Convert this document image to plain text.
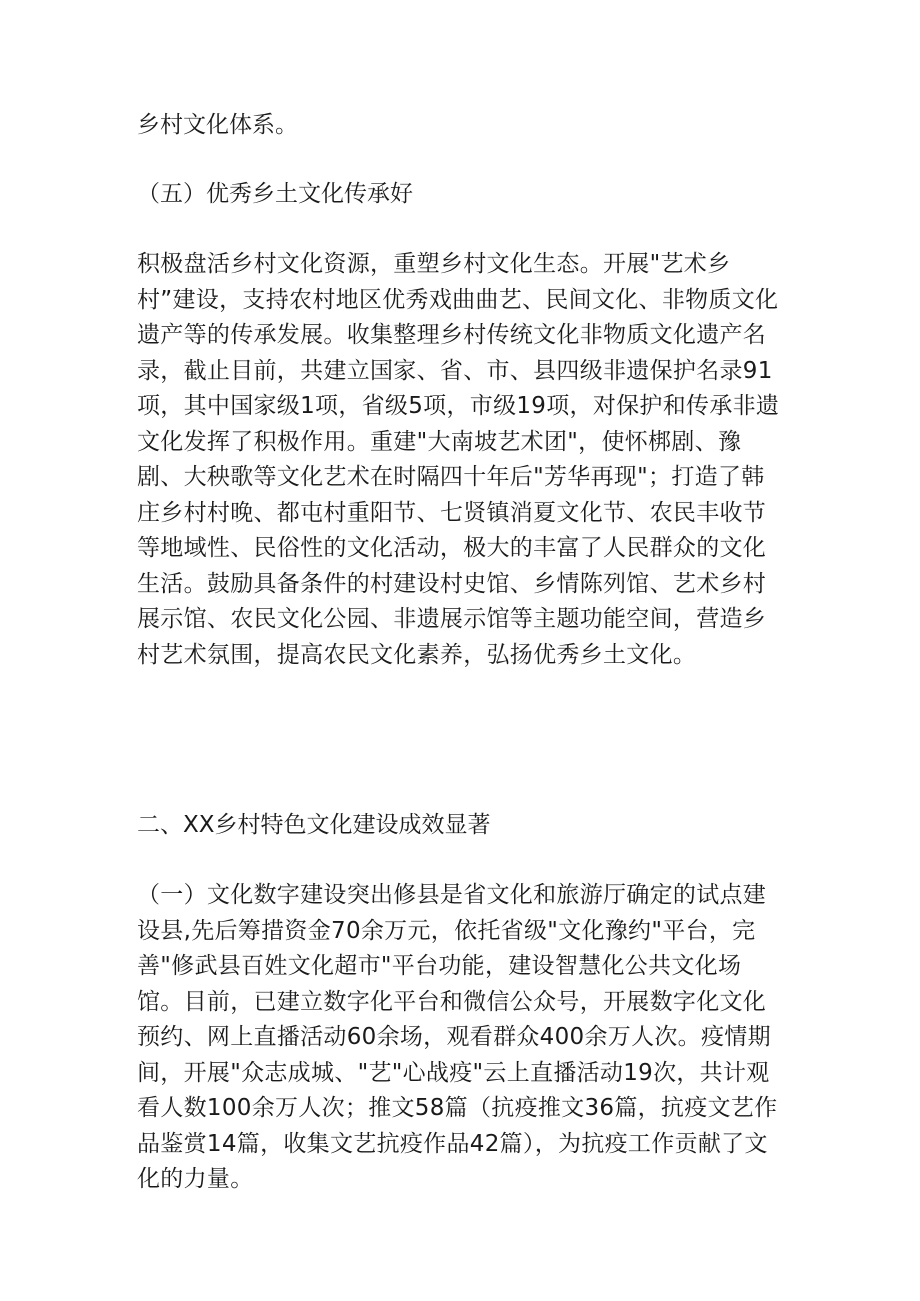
乡村文化体系。

（五）优秀乡土文化传承好

积极盘活乡村文化资源，重塑乡村文化生态。开展"艺术乡村”建设，支持农村地区优秀戏曲曲艺、民间文化、非物质文化遗产等的传承发展。收集整理乡村传统文化非物质文化遗产名录，截止目前，共建立国家、省、市、县四级非遗保护名录91项，其中国家级1项，省级5项，市级19项，对保护和传承非遗文化发挥了积极作用。重建"大南坡艺术团"，使怀梆剧、豫剧、大秧歌等文化艺术在时隔四十年后"芳华再现"；打造了韩庄乡村村晚、都屯村重阳节、七贤镇消夏文化节、农民丰收节等地域性、民俗性的文化活动，极大的丰富了人民群众的文化生活。鼓励具备条件的村建设村史馆、乡情陈列馆、艺术乡村展示馆、农民文化公园、非遗展示馆等主题功能空间，营造乡村艺术氛围，提高农民文化素养，弘扬优秀乡土文化。

二、XX乡村特色文化建设成效显著

（一）文化数字建设突出修县是省文化和旅游厅确定的试点建设县,先后筹措资金70余万元，依托省级"文化豫约"平台，完善"修武县百姓文化超市"平台功能，建设智慧化公共文化场馆。目前，已建立数字化平台和微信公众号，开展数字化文化预约、网上直播活动60余场，观看群众400余万人次。疫情期间，开展"众志成城、"艺"心战疫"云上直播活动19次，共计观看人数100余万人次；推文58篇（抗疫推文36篇，抗疫文艺作品鉴赏14篇，收集文艺抗疫作品42篇），为抗疫工作贡献了文化的力量。
